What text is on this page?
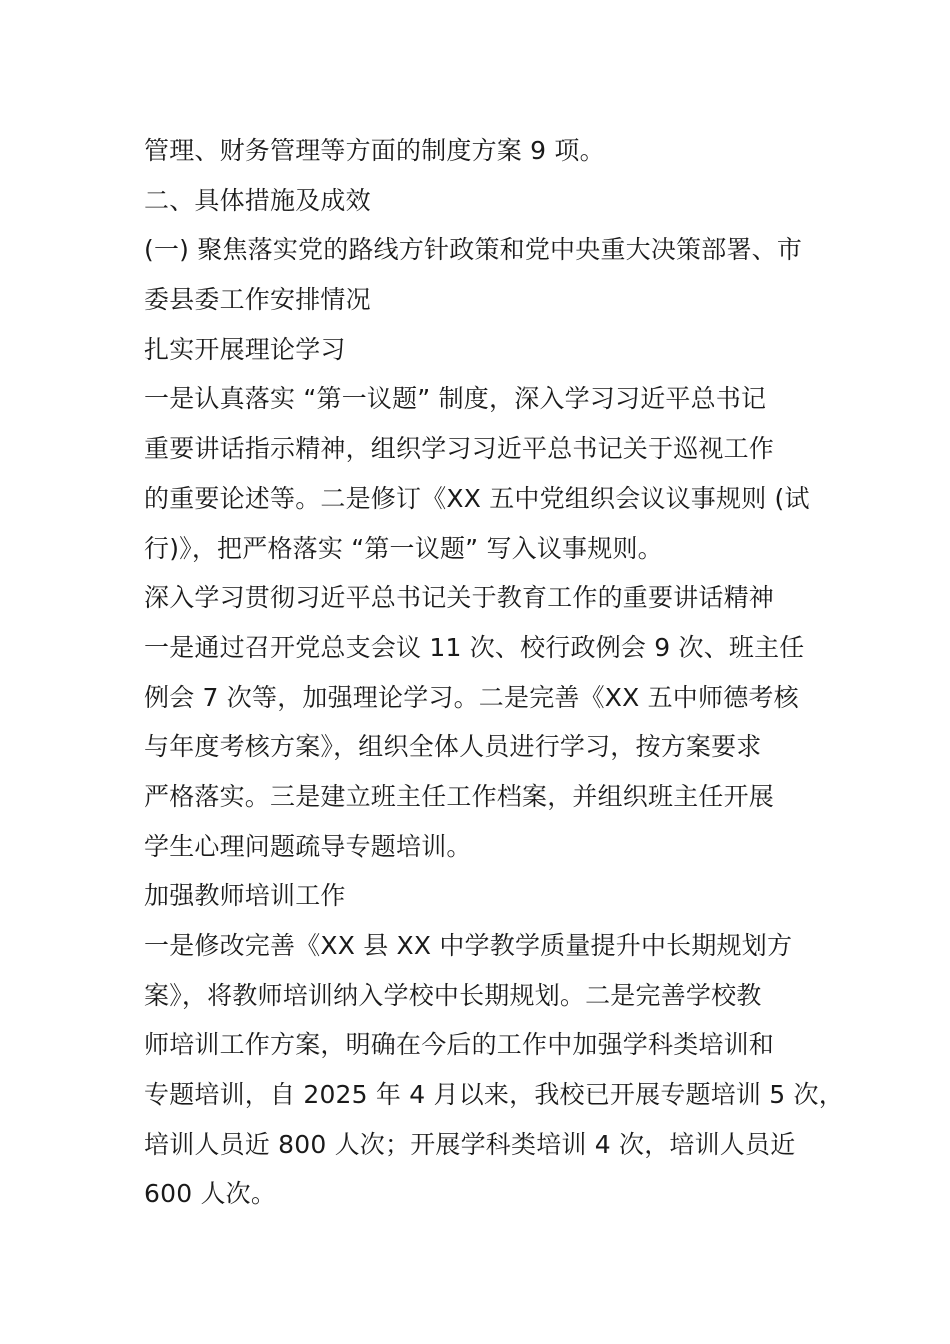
管理、财务管理等方面的制度方案 9 项。
二、具体措施及成效
(一) 聚焦落实党的路线方针政策和党中央重大决策部署、市
委县委工作安排情况
扎实开展理论学习
一是认真落实 “第一议题” 制度，深入学习习近平总书记
重要讲话指示精神，组织学习习近平总书记关于巡视工作
的重要论述等。二是修订《XX 五中党组织会议议事规则 (试
行)》，把严格落实 “第一议题” 写入议事规则。
深入学习贯彻习近平总书记关于教育工作的重要讲话精神
一是通过召开党总支会议 11 次、校行政例会 9 次、班主任
例会 7 次等，加强理论学习。二是完善《XX 五中师德考核
与年度考核方案》，组织全体人员进行学习，按方案要求
严格落实。三是建立班主任工作档案，并组织班主任开展
学生心理问题疏导专题培训。
加强教师培训工作
一是修改完善《XX 县 XX 中学教学质量提升中长期规划方
案》，将教师培训纳入学校中长期规划。二是完善学校教
师培训工作方案，明确在今后的工作中加强学科类培训和
专题培训，自 2025 年 4 月以来，我校已开展专题培训 5 次，
培训人员近 800 人次；开展学科类培训 4 次，培训人员近
600 人次。
